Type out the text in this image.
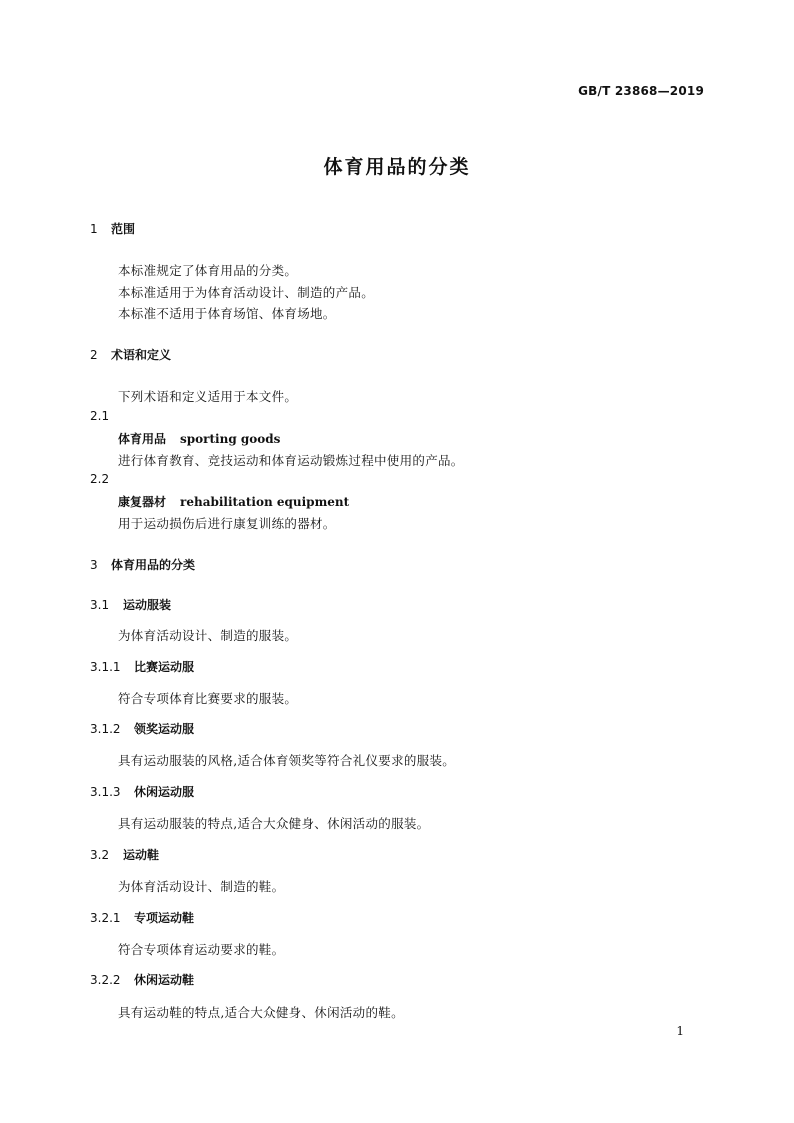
GB/T 23868—2019
体育用品的分类
1 范围
本标准规定了体育用品的分类。
本标准适用于为体育活动设计、制造的产品。
本标准不适用于体育场馆、体育场地。
2 术语和定义
下列术语和定义适用于本文件。
2.1
体育用品 sporting goods
进行体育教育、竞技运动和体育运动锻炼过程中使用的产品。
2.2
康复器材 rehabilitation equipment
用于运动损伤后进行康复训练的器材。
3 体育用品的分类
3.1 运动服装
为体育活动设计、制造的服装。
3.1.1 比赛运动服
符合专项体育比赛要求的服装。
3.1.2 领奖运动服
具有运动服装的风格,适合体育领奖等符合礼仪要求的服装。
3.1.3 休闲运动服
具有运动服装的特点,适合大众健身、休闲活动的服装。
3.2 运动鞋
为体育活动设计、制造的鞋。
3.2.1 专项运动鞋
符合专项体育运动要求的鞋。
3.2.2 休闲运动鞋
具有运动鞋的特点,适合大众健身、休闲活动的鞋。
1
